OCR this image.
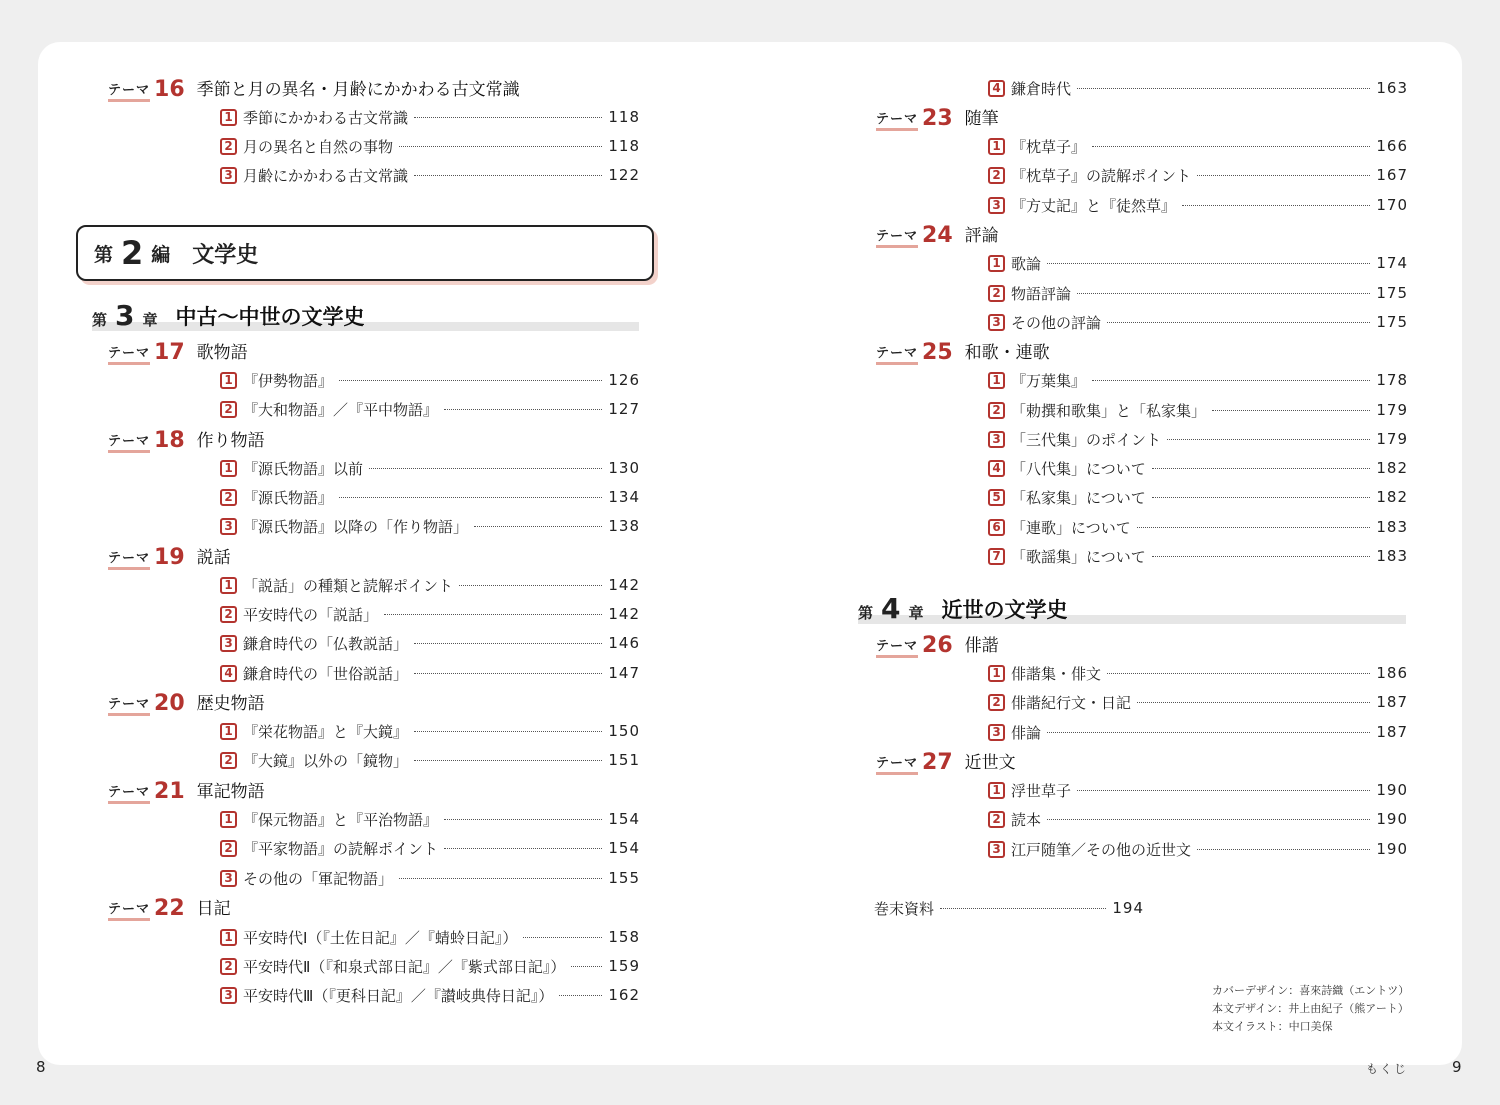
テーマ 16 季節と月の異名・月齢にかかわる古文常識
1 季節にかかわる古文常識	118
2 月の異名と自然の事物	118
3 月齢にかかわる古文常識	122
第 2 編 文学史
第 3 章 中古～中世の文学史
テーマ 17 歌物語
1 『伊勢物語』	126
2 『大和物語』／『平中物語』	127
テーマ 18 作り物語
1 『源氏物語』以前	130
2 『源氏物語』	134
3 『源氏物語』以降の「作り物語」	138
テーマ 19 説話
1 「説話」の種類と読解ポイント	142
2 平安時代の「説話」	142
3 鎌倉時代の「仏教説話」	146
4 鎌倉時代の「世俗説話」	147
テーマ 20 歴史物語
1 『栄花物語』と『大鏡』	150
2 『大鏡』以外の「鏡物」	151
テーマ 21 軍記物語
1 『保元物語』と『平治物語』	154
2 『平家物語』の読解ポイント	154
3 その他の「軍記物語」	155
テーマ 22 日記
1 平安時代Ⅰ（『土佐日記』／『蜻蛉日記』）	158
2 平安時代Ⅱ（『和泉式部日記』／『紫式部日記』）	159
3 平安時代Ⅲ（『更科日記』／『讃岐典侍日記』）	162
4 鎌倉時代	163
テーマ 23 随筆
1 『枕草子』	166
2 『枕草子』の読解ポイント	167
3 『方丈記』と『徒然草』	170
テーマ 24 評論
1 歌論	174
2 物語評論	175
3 その他の評論	175
テーマ 25 和歌・連歌
1 『万葉集』	178
2 「勅撰和歌集」と「私家集」	179
3 「三代集」のポイント	179
4 「八代集」について	182
5 「私家集」について	182
6 「連歌」について	183
7 「歌謡集」について	183
第 4 章 近世の文学史
テーマ 26 俳諧
1 俳諧集・俳文	186
2 俳諧紀行文・日記	187
3 俳論	187
テーマ 27 近世文
1 浮世草子	190
2 読本	190
3 江戸随筆／その他の近世文	190
巻末資料	194
カバーデザイン：喜來詩織（エントツ）
本文デザイン：井上由紀子（熊アート）
本文イラスト：中口美保
8	もくじ	9
